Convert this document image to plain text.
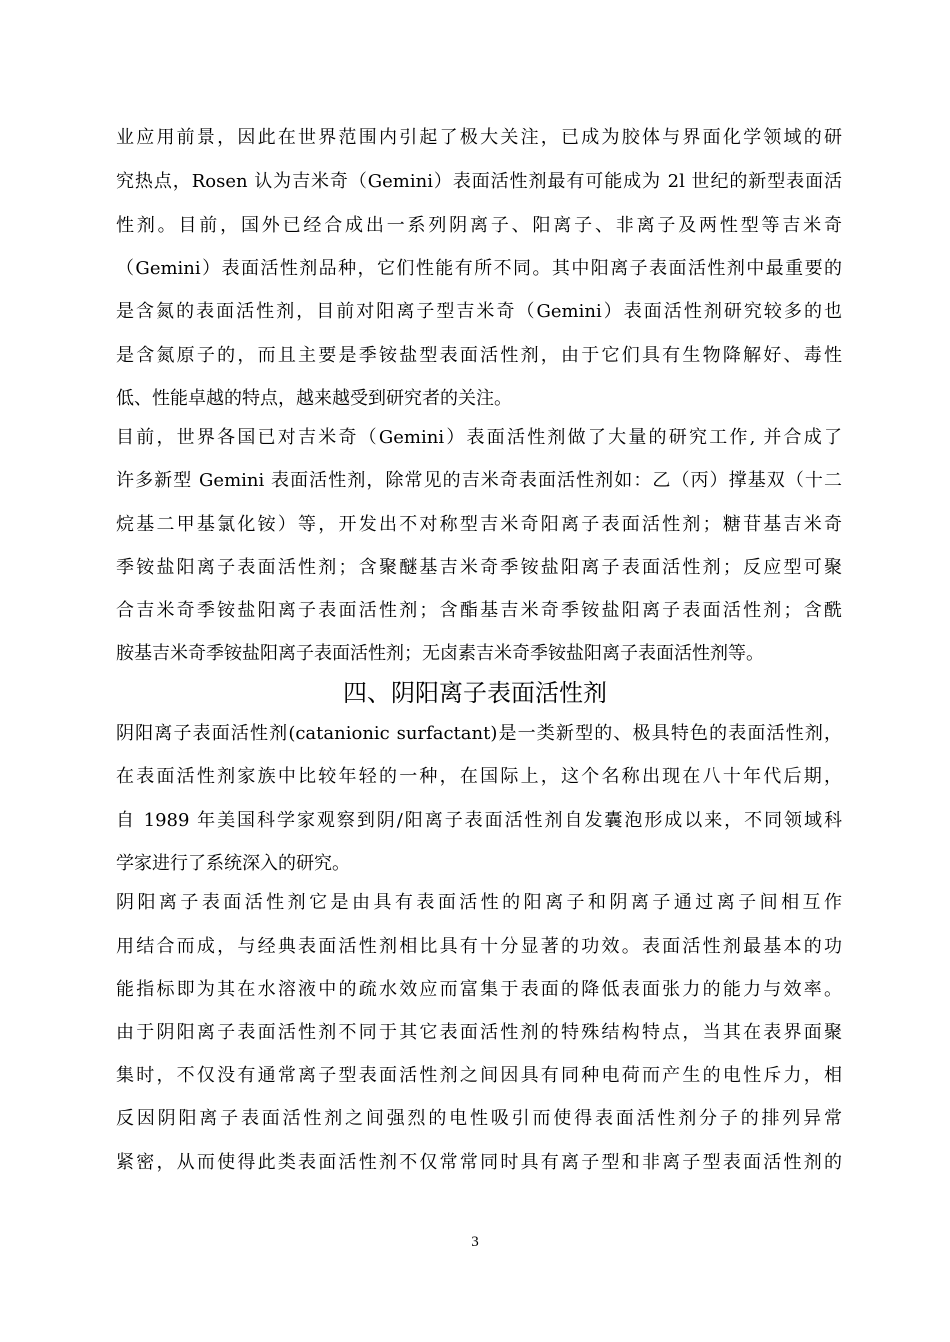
业应用前景，因此在世界范围内引起了极大关注，已成为胶体与界面化学领域的研
究热点，Rosen 认为吉米奇（Gemini）表面活性剂最有可能成为 2l 世纪的新型表面活
性剂。目前，国外已经合成出一系列阴离子、阳离子、非离子及两性型等吉米奇
（Gemini）表面活性剂品种，它们性能有所不同。其中阳离子表面活性剂中最重要的
是含氮的表面活性剂，目前对阳离子型吉米奇（Gemini）表面活性剂研究较多的也
是含氮原子的，而且主要是季铵盐型表面活性剂，由于它们具有生物降解好、毒性
低、性能卓越的特点，越来越受到研究者的关注。
目前，世界各国已对吉米奇（Gemini）表面活性剂做了大量的研究工作, 并合成了
许多新型 Gemini 表面活性剂，除常见的吉米奇表面活性剂如：乙（丙）撑基双（十二
烷基二甲基氯化铵）等，开发出不对称型吉米奇阳离子表面活性剂；糖苷基吉米奇
季铵盐阳离子表面活性剂；含聚醚基吉米奇季铵盐阳离子表面活性剂；反应型可聚
合吉米奇季铵盐阳离子表面活性剂；含酯基吉米奇季铵盐阳离子表面活性剂；含酰
胺基吉米奇季铵盐阳离子表面活性剂；无卤素吉米奇季铵盐阳离子表面活性剂等。
四、阴阳离子表面活性剂
阴阳离子表面活性剂(catanionic surfactant)是一类新型的、极具特色的表面活性剂，
在表面活性剂家族中比较年轻的一种，在国际上，这个名称出现在八十年代后期，
自 1989 年美国科学家观察到阴/阳离子表面活性剂自发囊泡形成以来，不同领域科
学家进行了系统深入的研究。
阴阳离子表面活性剂它是由具有表面活性的阳离子和阴离子通过离子间相互作
用结合而成，与经典表面活性剂相比具有十分显著的功效。表面活性剂最基本的功
能指标即为其在水溶液中的疏水效应而富集于表面的降低表面张力的能力与效率。
由于阴阳离子表面活性剂不同于其它表面活性剂的特殊结构特点，当其在表界面聚
集时，不仅没有通常离子型表面活性剂之间因具有同种电荷而产生的电性斥力，相
反因阴阳离子表面活性剂之间强烈的电性吸引而使得表面活性剂分子的排列异常
紧密，从而使得此类表面活性剂不仅常常同时具有离子型和非离子型表面活性剂的
3
